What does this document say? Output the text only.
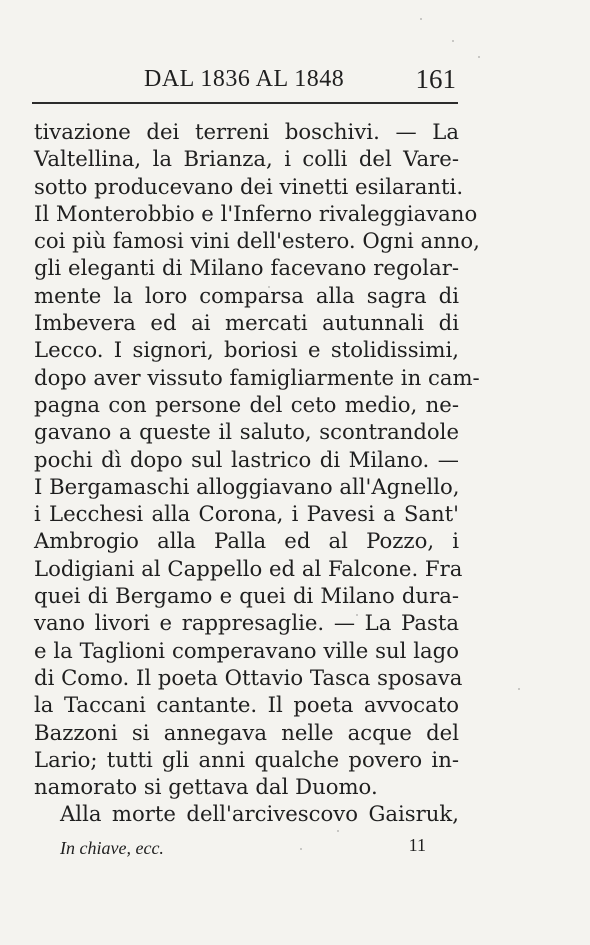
DAL 1836 AL 1848	161
tivazione dei terreni boschivi. — La
Valtellina, la Brianza, i colli del Vare-
sotto producevano dei vinetti esilaranti.
Il Monterobbio e l'Inferno rivaleggiavano
coi più famosi vini dell'estero. Ogni anno,
gli eleganti di Milano facevano regolar-
mente la loro comparsa alla sagra di
Imbevera ed ai mercati autunnali di
Lecco. I signori, boriosi e stolidissimi,
dopo aver vissuto famigliarmente in cam-
pagna con persone del ceto medio, ne-
gavano a queste il saluto, scontrandole
pochi dì dopo sul lastrico di Milano. —
I Bergamaschi alloggiavano all'Agnello,
i Lecchesi alla Corona, i Pavesi a Sant'
Ambrogio alla Palla ed al Pozzo, i
Lodigiani al Cappello ed al Falcone. Fra
quei di Bergamo e quei di Milano dura-
vano livori e rappresaglie. — La Pasta
e la Taglioni comperavano ville sul lago
di Como. Il poeta Ottavio Tasca sposava
la Taccani cantante. Il poeta avvocato
Bazzoni si annegava nelle acque del
Lario; tutti gli anni qualche povero in-
namorato si gettava dal Duomo.
Alla morte dell'arcivescovo Gaisruk,
In chiave, ecc.	11
